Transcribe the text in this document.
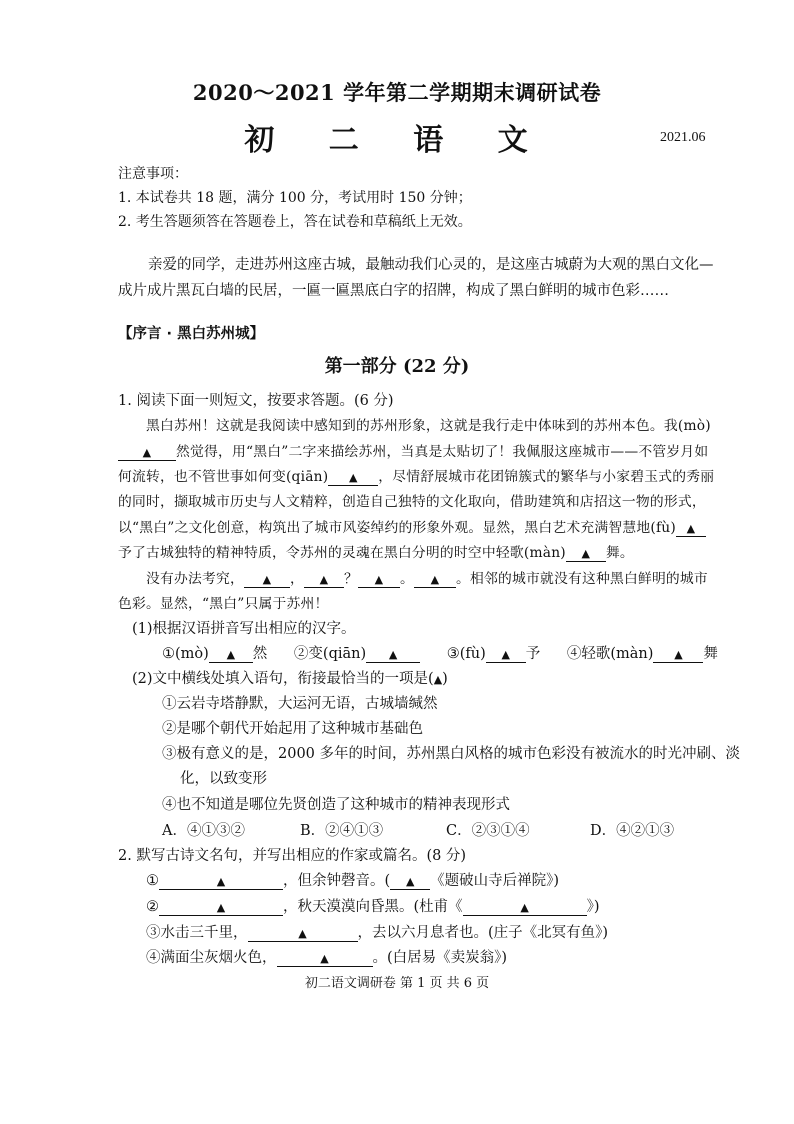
2020～2021 学年第二学期期末调研试卷
初 二 语 文	2021.06
注意事项：
1. 本试卷共 18 题，满分 100 分，考试用时 150 分钟；
2. 考生答题须答在答题卷上，答在试卷和草稿纸上无效。
亲爱的同学，走进苏州这座古城，最触动我们心灵的，是这座古城蔚为大观的黑白文化—
成片成片黑瓦白墙的民居，一匾一匾黑底白字的招牌，构成了黑白鲜明的城市色彩……
【序言 · 黑白苏州城】
第一部分 (22 分)
1. 阅读下面一则短文，按要求答题。(6 分)
黑白苏州！这就是我阅读中感知到的苏州形象，这就是我行走中体味到的苏州本色。我(mò)
▲ 然觉得，用“黑白”二字来描绘苏州，当真是太贴切了！我佩服这座城市——不管岁月如
何流转，也不管世事如何变(qiān) ▲ ，尽情舒展城市花团锦簇式的繁华与小家碧玉式的秀丽
的同时，撷取城市历史与人文精粹，创造自己独特的文化取向，借助建筑和店招这一物的形式，
以“黑白”之文化创意，构筑出了城市风姿绰约的形象外观。显然，黑白艺术充满智慧地(fù) ▲
予了古城独特的精神特质，令苏州的灵魂在黑白分明的时空中轻歌(màn) ▲ 舞。
没有办法考究， ▲ ， ▲ ？ ▲ 。 ▲ 。相邻的城市就没有这种黑白鲜明的城市
色彩。显然，“黑白”只属于苏州！
(1)根据汉语拼音写出相应的汉字。
①(mò) ▲ 然 ②变(qiān) ▲	③(fù) ▲ 予 ④轻歌(màn) ▲ 舞
(2)文中横线处填入语句，衔接最恰当的一项是(▲)
①云岩寺塔静默，大运河无语，古城墙缄然
②是哪个朝代开始起用了这种城市基础色
③极有意义的是，2000 多年的时间，苏州黑白风格的城市色彩没有被流水的时光冲刷、淡
化，以致变形
④也不知道是哪位先贤创造了这种城市的精神表现形式
A．④①③②	B．②④①③	C．②③①④	D．④②①③
2. 默写古诗文名句，并写出相应的作家或篇名。(8 分)
①	▲	，但余钟磬音。( ▲ 《题破山寺后禅院》)
②	▲	，秋天漠漠向昏黑。(杜甫《	▲	》)
③水击三千里，	▲	，去以六月息者也。(庄子《北冥有鱼》)
④满面尘灰烟火色，	▲	。(白居易《卖炭翁》)
初二语文调研卷 第 1 页 共 6 页
